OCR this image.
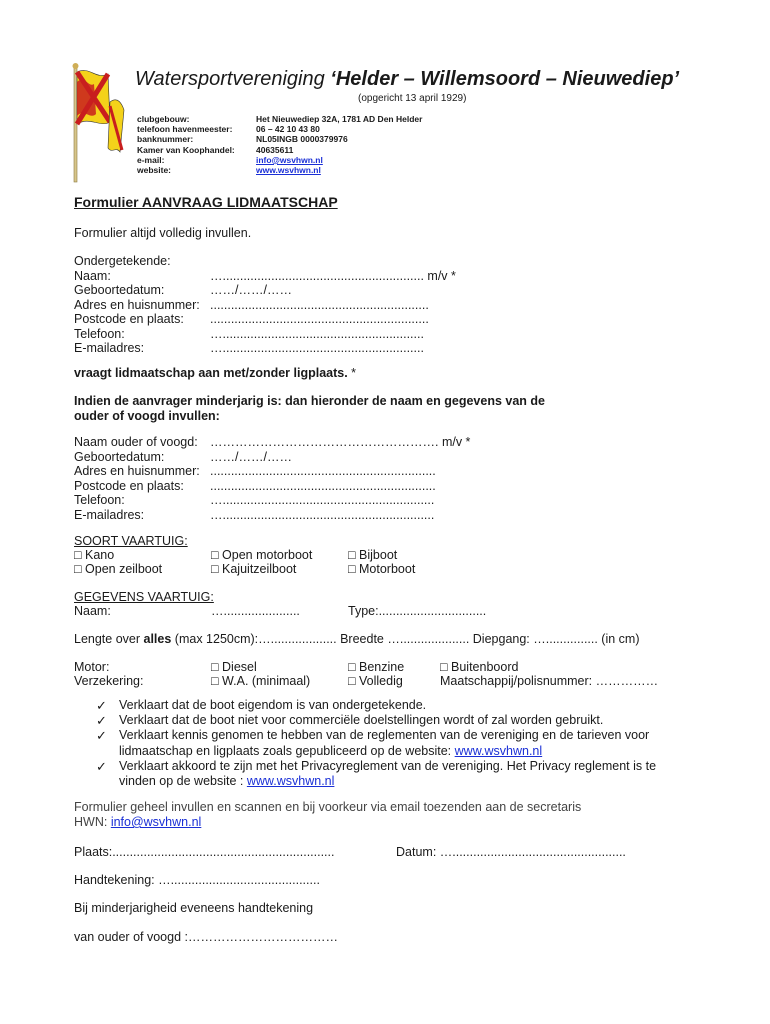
Watersportvereniging ‘Helder – Willemsoord – Nieuwediep’
(opgericht 13 april 1929)
clubgebouw:	Het Nieuwediep 32A, 1781 AD Den Helder
telefoon havenmeester:	06 – 42 10 43 80
banknummer:	NL05INGB 0000379976
Kamer van Koophandel:	40635611
e-mail:	info@wsvhwn.nl
website:	www.wsvhwn.nl
Formulier AANVRAAG LIDMAATSCHAP
Formulier altijd volledig invullen.
Ondergetekende:
Naam:	….......................................................... m/v *
Geboortedatum:	……/……/……
Adres en huisnummer: ...............................................................
Postcode en plaats:	...............................................................
Telefoon:	…..........................................................
E-mailadres:	…..........................................................
vraagt lidmaatschap aan met/zonder ligplaats. *
Indien de aanvrager minderjarig is: dan hieronder de naam en gegevens van de
ouder of voogd invullen:
Naam ouder of voogd: ………………………………………………. m/v *
Geboortedatum:	……/……/……
Adres en huisnummer: .................................................................
Postcode en plaats:	.................................................................
Telefoon:	….............................................................
E-mailadres:	….............................................................
SOORT VAARTUIG:
□ Kano	□ Open motorboot	□ Bijboot
□ Open zeilboot	□ Kajuitzeilboot	□ Motorboot
GEGEVENS VAARTUIG:
Naam:	…......................	Type:...............................
Lengte over alles (max 1250cm):…................... Breedte ….................... Diepgang: …............... (in cm)
Motor:	□ Diesel	□ Benzine	□ Buitenboord
Verzekering:	□ W.A. (minimaal)	□ Volledig	Maatschappij/polisnummer: ……………
✓ Verklaart dat de boot eigendom is van ondergetekende.
✓ Verklaart dat de boot niet voor commerciële doelstellingen wordt of zal worden gebruikt.
✓ Verklaart kennis genomen te hebben van de reglementen van de vereniging en de tarieven voor lidmaatschap en ligplaats zoals gepubliceerd op de website: www.wsvhwn.nl
✓ Verklaart akkoord te zijn met het Privacyreglement van de vereniging. Het Privacy reglement is te vinden op de website : www.wsvhwn.nl
Formulier geheel invullen en scannen en bij voorkeur via email toezenden aan de secretaris
HWN: info@wsvhwn.nl
Plaats:................................................................	Datum: …..................................................
Handtekening: …...........................................
Bij minderjarigheid eveneens handtekening
van ouder of voogd :………………………………
